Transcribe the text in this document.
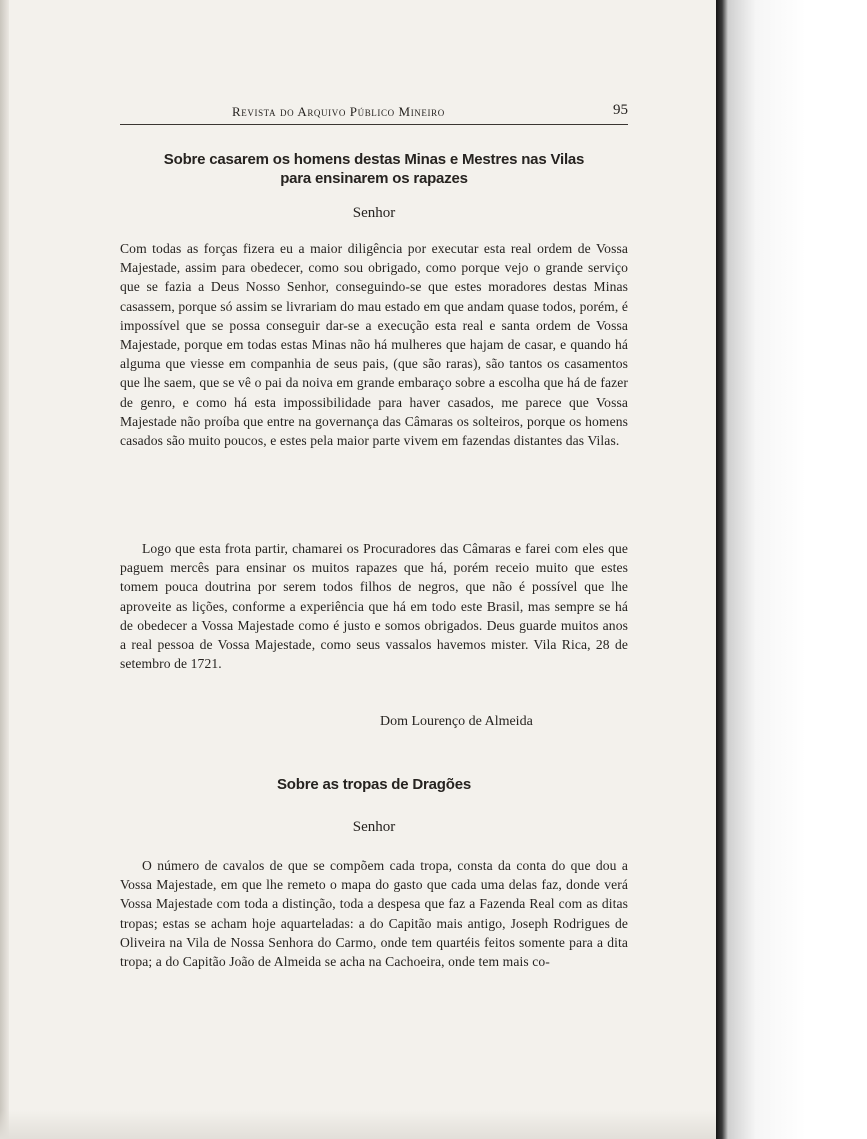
Revista do Arquivo Público Mineiro	95

Sobre casarem os homens destas Minas e Mestres nas Vilas

para ensinarem os rapazes

Senhor

Com todas as forças fizera eu a maior diligência por executar esta real ordem de Vossa Majestade, assim para obedecer, como sou obrigado, como porque vejo o grande serviço que se fazia a Deus Nosso Senhor, conseguindo-se que estes moradores destas Minas casassem, porque só assim se livrariam do mau estado em que andam quase todos, porém, é impossível que se possa conseguir dar-se a execução esta real e santa ordem de Vossa Majestade, porque em todas estas Minas não há mulheres que hajam de casar, e quando há alguma que viesse em companhia de seus pais, (que são raras), são tantos os casamentos que lhe saem, que se vê o pai da noiva em grande embaraço sobre a escolha que há de fazer de genro, e como há esta impossibilidade para haver casados, me parece que Vossa Majestade não proíba que entre na governança das Câmaras os solteiros, porque os homens casados são muito poucos, e estes pela maior parte vivem em fazendas distantes das Vilas.

Logo que esta frota partir, chamarei os Procuradores das Câmaras e farei com eles que paguem mercês para ensinar os muitos rapazes que há, porém receio muito que estes tomem pouca doutrina por serem todos filhos de negros, que não é possível que lhe aproveite as lições, conforme a experiência que há em todo este Brasil, mas sempre se há de obedecer a Vossa Majestade como é justo e somos obrigados. Deus guarde muitos anos a real pessoa de Vossa Majestade, como seus vassalos havemos mister. Vila Rica, 28 de setembro de 1721.

Dom Lourenço de Almeida

Sobre as tropas de Dragões

Senhor

O número de cavalos de que se compõem cada tropa, consta da conta do que dou a Vossa Majestade, em que lhe remeto o mapa do gasto que cada uma delas faz, donde verá Vossa Majestade com toda a distinção, toda a despesa que faz a Fazenda Real com as ditas tropas; estas se acham hoje aquarteladas: a do Capitão mais antigo, Joseph Rodrigues de Oliveira na Vila de Nossa Senhora do Carmo, onde tem quartéis feitos somente para a dita tropa; a do Capitão João de Almeida se acha na Cachoeira, onde tem mais co-
